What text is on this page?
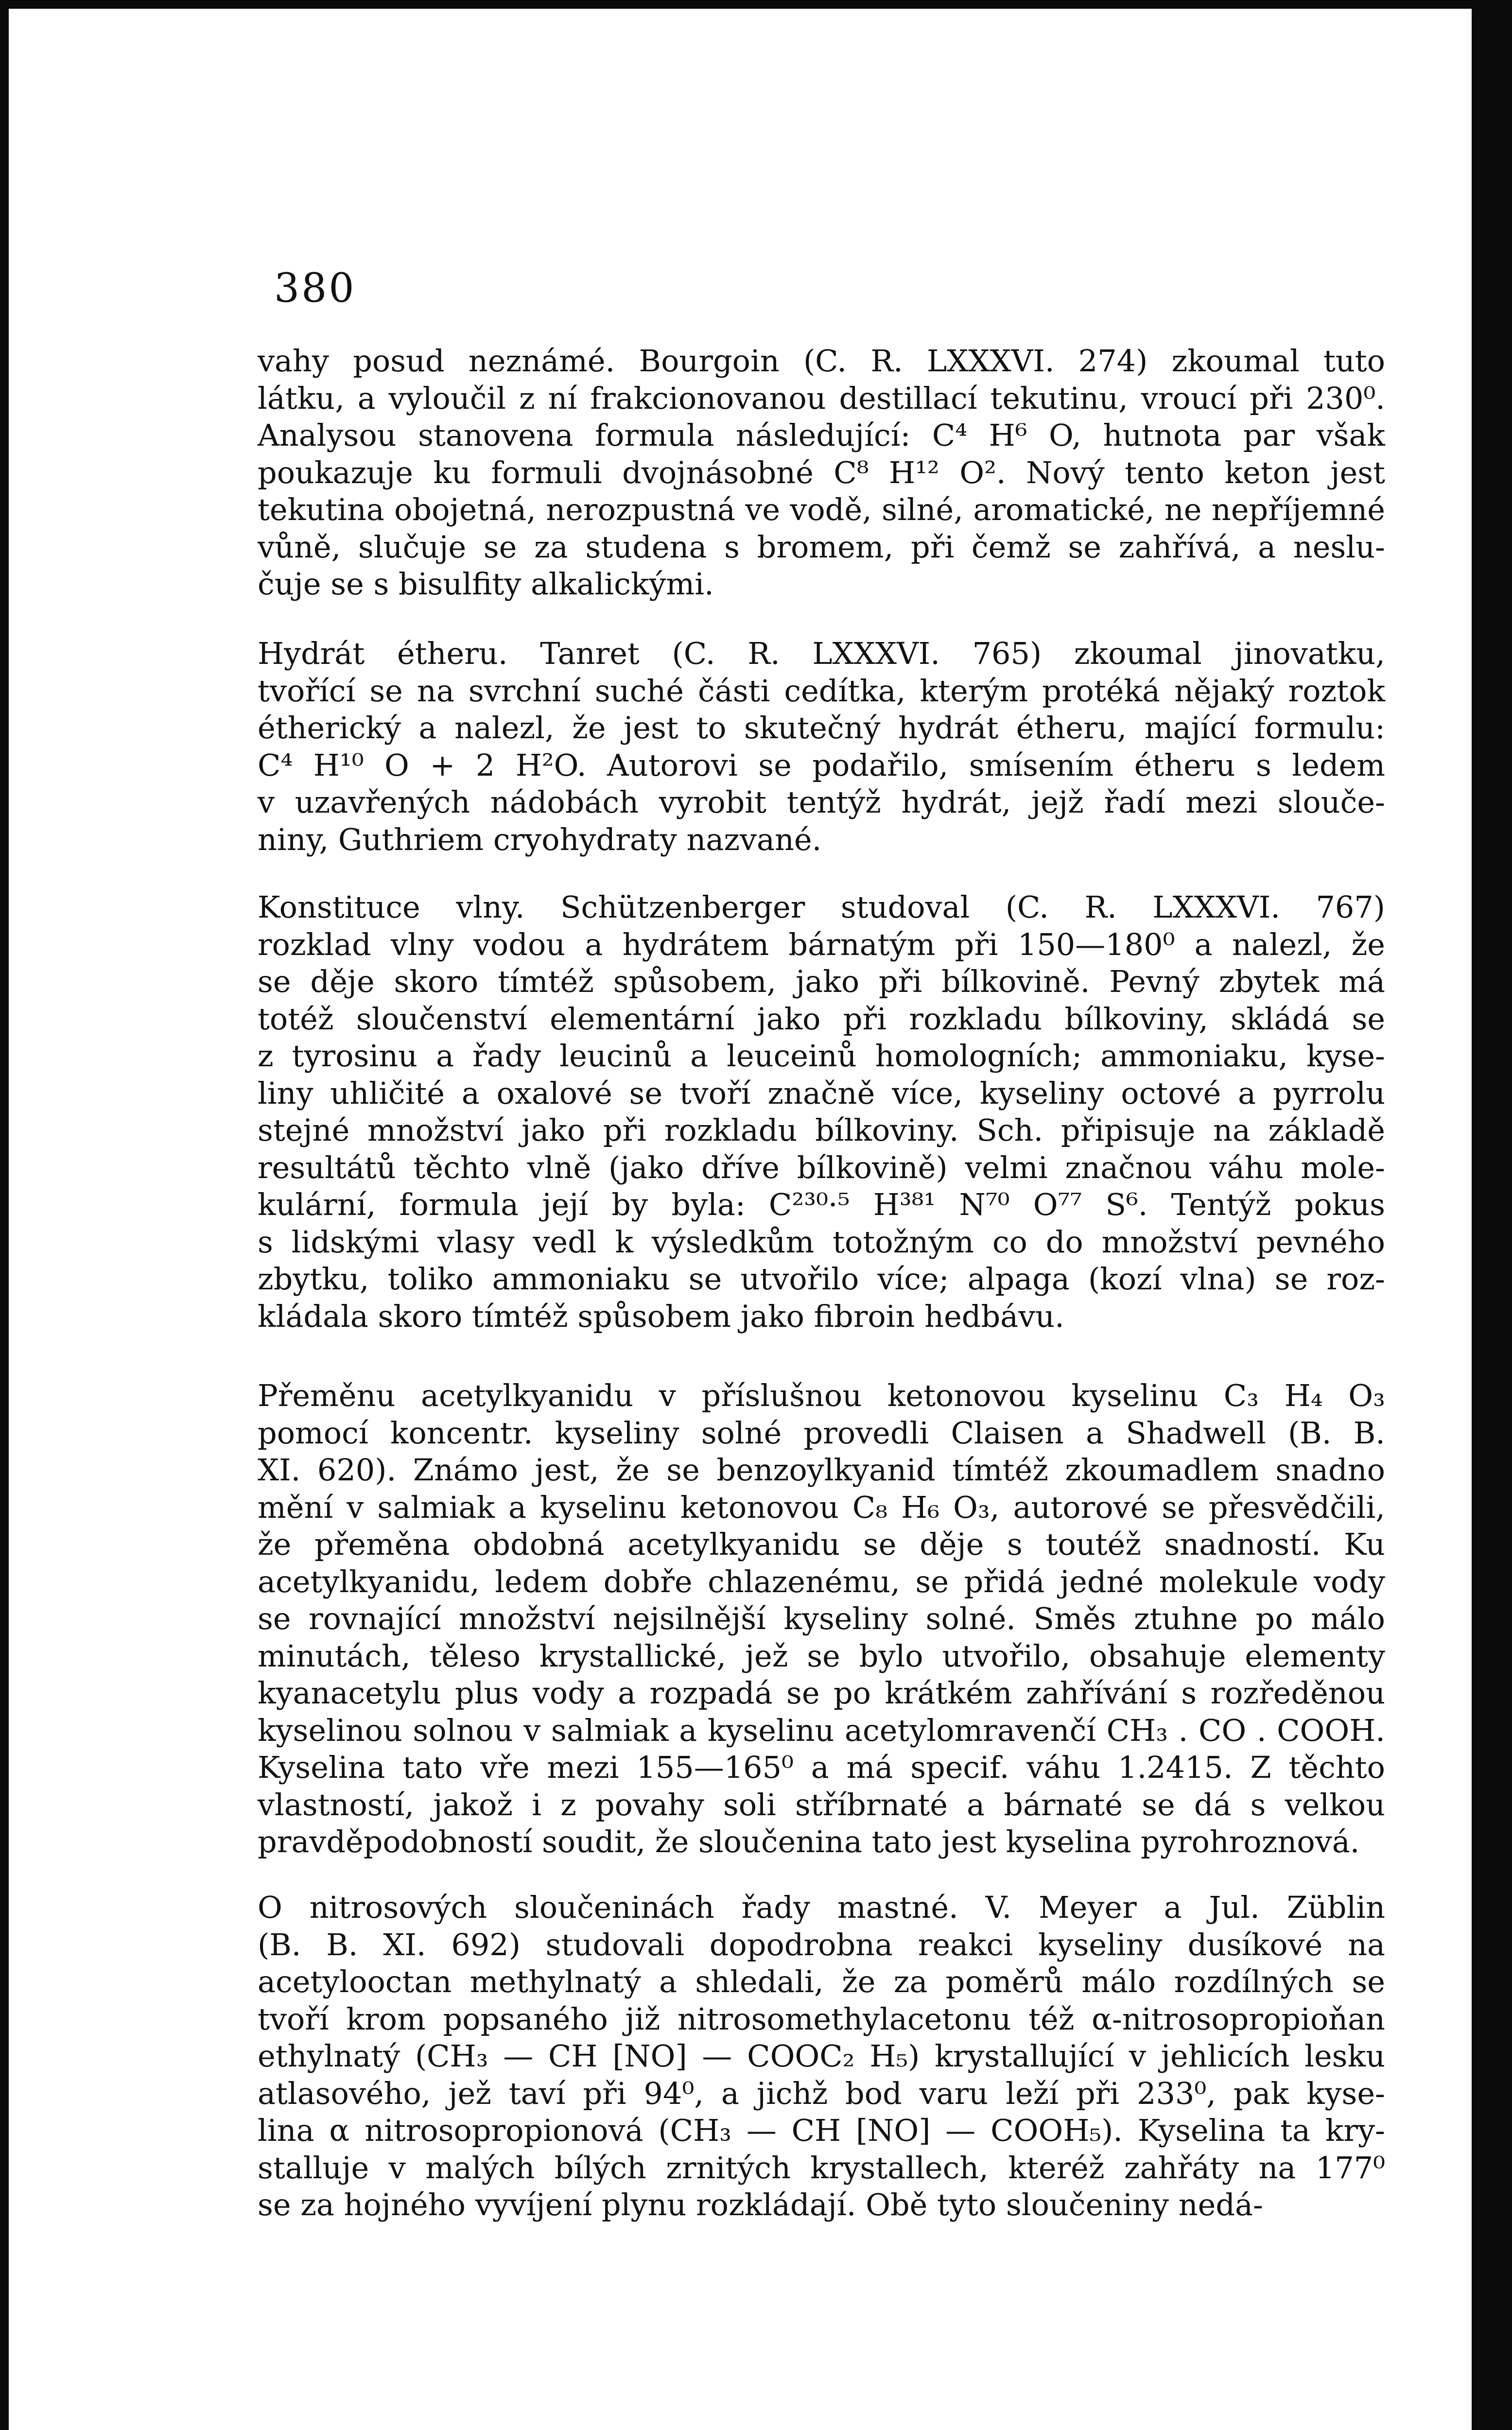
380
vahy posud neznámé. Bourgoin (C. R. LXXXVI. 274) zkoumal tuto
látku, a vyloučil z ní frakcionovanou destillací tekutinu, vroucí při 230⁰.
Analysou stanovena formula následující: C⁴ H⁶ O, hutnota par však
poukazuje ku formuli dvojnásobné C⁸ H¹² O². Nový tento keton jest
tekutina obojetná, nerozpustná ve vodě, silné, aromatické, ne nepříjemné
vůně, slučuje se za studena s bromem, při čemž se zahřívá, a neslu-
čuje se s bisulfity alkalickými.
Hydrát étheru. Tanret (C. R. LXXXVI. 765) zkoumal jinovatku,
tvořící se na svrchní suché části cedítka, kterým protéká nějaký roztok
étherický a nalezl, že jest to skutečný hydrát étheru, mající formulu:
C⁴ H¹⁰ O + 2 H²O. Autorovi se podařilo, smísením étheru s ledem
v uzavřených nádobách vyrobit tentýž hydrát, jejž řadí mezi slouče-
niny, Guthriem cryohydraty nazvané.
Konstituce vlny. Schützenberger studoval (C. R. LXXXVI. 767)
rozklad vlny vodou a hydrátem bárnatým při 150—180⁰ a nalezl, že
se děje skoro tímtéž spůsobem, jako při bílkovině. Pevný zbytek má
totéž sloučenství elementární jako při rozkladu bílkoviny, skládá se
z tyrosinu a řady leucinů a leuceinů homologních; ammoniaku, kyse-
liny uhličité a oxalové se tvoří značně více, kyseliny octové a pyrrolu
stejné množství jako při rozkladu bílkoviny. Sch. připisuje na základě
resultátů těchto vlně (jako dříve bílkovině) velmi značnou váhu mole-
kulární, formula její by byla: C²³⁰·⁵ H³⁸¹ N⁷⁰ O⁷⁷ S⁶. Tentýž pokus
s lidskými vlasy vedl k výsledkům totožným co do množství pevného
zbytku, toliko ammoniaku se utvořilo více; alpaga (kozí vlna) se roz-
kládala skoro tímtéž spůsobem jako fibroin hedbávu.
Přeměnu acetylkyanidu v příslušnou ketonovou kyselinu C₃ H₄ O₃
pomocí koncentr. kyseliny solné provedli Claisen a Shadwell (B. B.
XI. 620). Známo jest, že se benzoylkyanid tímtéž zkoumadlem snadno
mění v salmiak a kyselinu ketonovou C₈ H₆ O₃, autorové se přesvědčili,
že přeměna obdobná acetylkyanidu se děje s toutéž snadností. Ku
acetylkyanidu, ledem dobře chlazenému, se přidá jedné molekule vody
se rovnající množství nejsilnější kyseliny solné. Směs ztuhne po málo
minutách, těleso krystallické, jež se bylo utvořilo, obsahuje elementy
kyanacetylu plus vody a rozpadá se po krátkém zahřívání s rozředěnou
kyselinou solnou v salmiak a kyselinu acetylomravenčí CH₃ . CO . COOH.
Kyselina tato vře mezi 155—165⁰ a má specif. váhu 1.2415. Z těchto
vlastností, jakož i z povahy soli stříbrnaté a bárnaté se dá s velkou
pravděpodobností soudit, že sloučenina tato jest kyselina pyrohroznová.
O nitrosových sloučeninách řady mastné. V. Meyer a Jul. Züblin
(B. B. XI. 692) studovali dopodrobna reakci kyseliny dusíkové na
acetylooctan methylnatý a shledali, že za poměrů málo rozdílných se
tvoří krom popsaného již nitrosomethylacetonu též α-nitrosopropioňan
ethylnatý (CH₃ — CH [NO] — COOC₂ H₅) krystallující v jehlicích lesku
atlasového, jež taví při 94⁰, a jichž bod varu leží při 233⁰, pak kyse-
lina α nitrosopropionová (CH₃ — CH [NO] — COOH₅). Kyselina ta kry-
stalluje v malých bílých zrnitých krystallech, kteréž zahřáty na 177⁰
se za hojného vyvíjení plynu rozkládají. Obě tyto sloučeniny nedá-
